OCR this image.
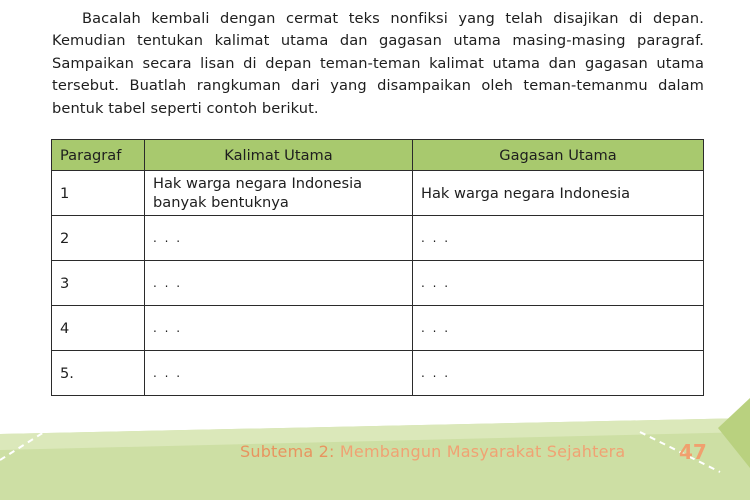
Bacalah kembali dengan cermat teks nonfiksi yang telah disajikan di depan. Kemudian tentukan kalimat utama dan gagasan utama masing-masing paragraf. Sampaikan secara lisan di depan teman-teman kalimat utama dan gagasan utama tersebut. Buatlah rangkuman dari yang disampaikan oleh teman-temanmu dalam bentuk tabel seperti contoh berikut.

Paragraf	Kalimat Utama	Gagasan Utama
1	Hak warga negara Indonesia banyak bentuknya	Hak warga negara Indonesia
2	. . .	. . .
3	. . .	. . .
4	. . .	. . .
5.	. . .	. . .
Subtema 2: Membangun Masyarakat Sejahtera	47
